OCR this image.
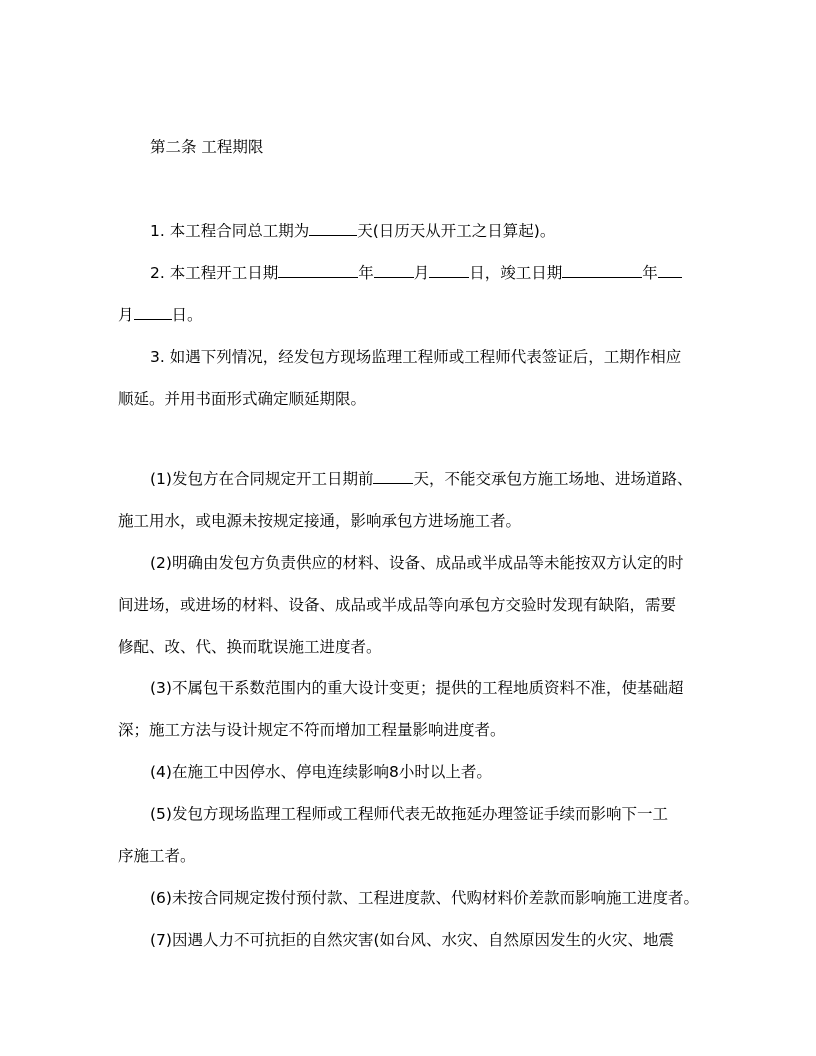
第二条 工程期限
1. 本工程合同总工期为	天(日历天从开工之日算起)。
2. 本工程开工日期	年	月	日，竣工日期	年
月 日。
3. 如遇下列情况，经发包方现场监理工程师或工程师代表签证后，工期作相应
顺延。并用书面形式确定顺延期限。
(1)发包方在合同规定开工日期前	天，不能交承包方施工场地、进场道路、
施工用水，或电源未按规定接通，影响承包方进场施工者。
(2)明确由发包方负责供应的材料、设备、成品或半成品等未能按双方认定的时
间进场，或进场的材料、设备、成品或半成品等向承包方交验时发现有缺陷，需要
修配、改、代、换而耽误施工进度者。
(3)不属包干系数范围内的重大设计变更；提供的工程地质资料不准，使基础超
深；施工方法与设计规定不符而增加工程量影响进度者。
(4)在施工中因停水、停电连续影响8小时以上者。
(5)发包方现场监理工程师或工程师代表无故拖延办理签证手续而影响下一工
序施工者。
(6)未按合同规定拨付预付款、工程进度款、代购材料价差款而影响施工进度者。
(7)因遇人力不可抗拒的自然灾害(如台风、水灾、自然原因发生的火灾、地震
